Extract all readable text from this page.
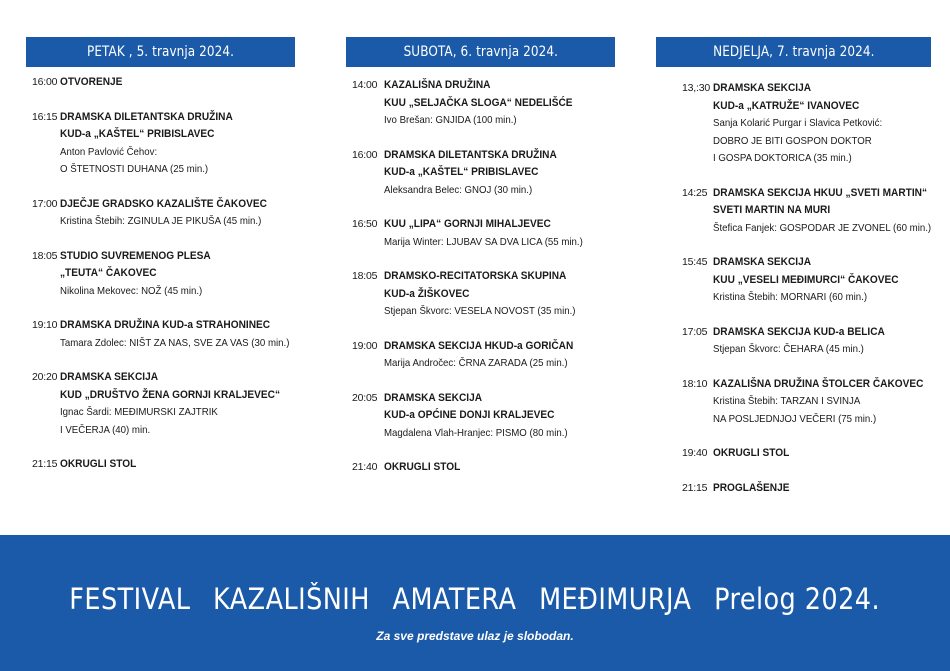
PETAK , 5. travnja 2024.
16:00 OTVORENJE
16:15 DRAMSKA DILETANTSKA DRUŽINA
KUD-a „KAŠTEL“ PRIBISLAVEC
Anton Pavlović Čehov:
O ŠTETNOSTI DUHANA (25 min.)
17:00 DJEČJE GRADSKO KAZALIŠTE ČAKOVEC
Kristina Štebih: ZGINULA JE PIKUŠA (45 min.)
18:05 STUDIO SUVREMENOG PLESA
„TEUTA“ ČAKOVEC
Nikolina Mekovec: NOŽ (45 min.)
19:10 DRAMSKA DRUŽINA KUD-a STRAHONINEC
Tamara Zdolec: NIŠT ZA NAS, SVE ZA VAS (30 min.)
20:20 DRAMSKA SEKCIJA
KUD „DRUŠTVO ŽENA GORNJI KRALJEVEC“
Ignac Šardi: MEĐIMURSKI ZAJTRIK
I VEČERJA (40) min.
21:15 OKRUGLI STOL
SUBOTA, 6. travnja 2024.
14:00 KAZALIŠNA DRUŽINA
KUU „SELJAČKA SLOGA“ NEDELIŠĆE
Ivo Brešan: GNJIDA (100 min.)
16:00 DRAMSKA DILETANTSKA DRUŽINA
KUD-a „KAŠTEL“ PRIBISLAVEC
Aleksandra Belec: GNOJ (30 min.)
16:50 KUU „LIPA“ GORNJI MIHALJEVEC
Marija Winter: LJUBAV SA DVA LICA (55 min.)
18:05 DRAMSKO-RECITATORSKA SKUPINA
KUD-a ŽIŠKOVEC
Stjepan Škvorc: VESELA NOVOST (35 min.)
19:00 DRAMSKA SEKCIJA HKUD-a GORIČAN
Marija Andročec: ČRNA ZARADA (25 min.)
20:05 DRAMSKA SEKCIJA
KUD-a OPĆINE DONJI KRALJEVEC
Magdalena Vlah-Hranjec: PISMO (80 min.)
21:40 OKRUGLI STOL
NEDJELJA, 7. travnja 2024.
13,:30 DRAMSKA SEKCIJA
KUD-a „KATRUŽE“ IVANOVEC
Sanja Kolarić Purgar i Slavica Petković:
DOBRO JE BITI GOSPON DOKTOR
I GOSPA DOKTORICA (35 min.)
14:25 DRAMSKA SEKCIJA HKUU „SVETI MARTIN“
SVETI MARTIN NA MURI
Štefica Fanjek: GOSPODAR JE ZVONEL (60 min.)
15:45 DRAMSKA SEKCIJA
KUU „VESELI MEĐIMURCI“ ČAKOVEC
Kristina Štebih: MORNARI (60 min.)
17:05 DRAMSKA SEKCIJA KUD-a BELICA
Stjepan Škvorc: ČEHARA (45 min.)
18:10 KAZALIŠNA DRUŽINA ŠTOLCER ČAKOVEC
Kristina Štebih: TARZAN I SVINJA
NA POSLJEDNJOJ VEČERI (75 min.)
19:40 OKRUGLI STOL
21:15 PROGLAŠENJE
FESTIVAL KAZALIŠNIH AMATERA MEĐIMURJA Prelog 2024.
Za sve predstave ulaz je slobodan.
